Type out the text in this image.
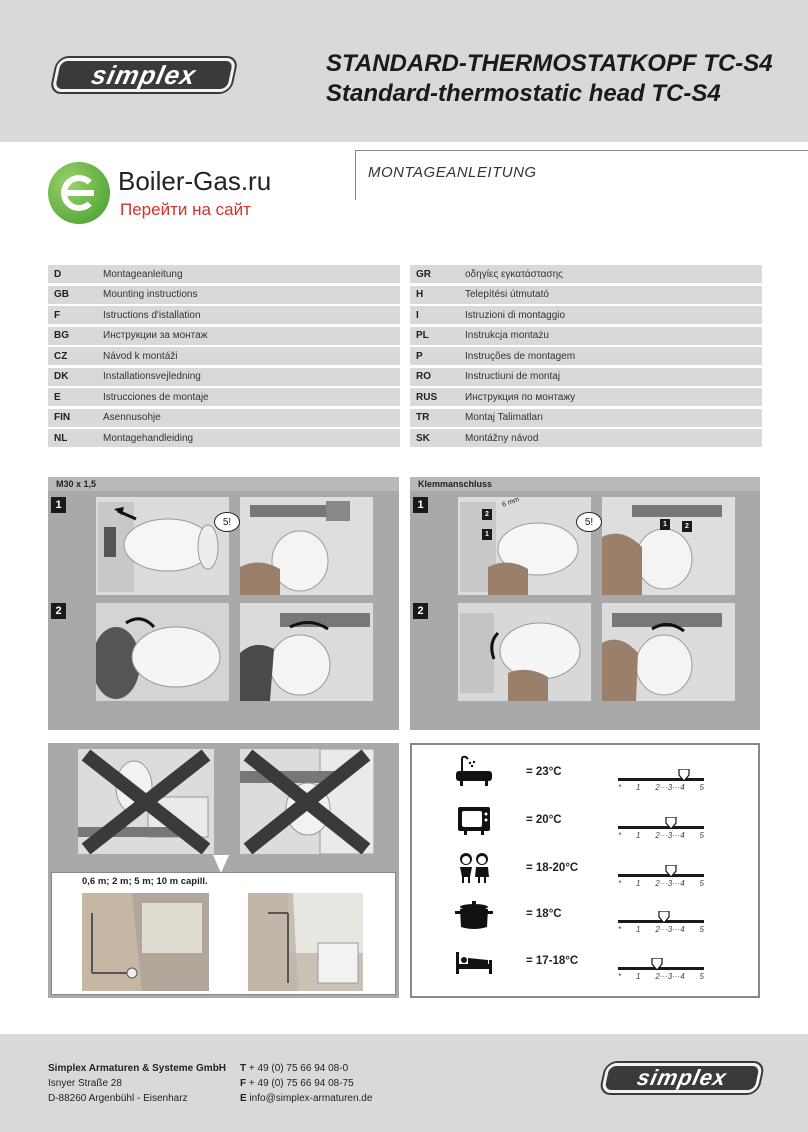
simplex	STANDARD-THERMOSTATKOPF TC-S4
Standard-thermostatic head TC-S4
MONTAGEANLEITUNG
Boiler-Gas.ru
Перейти на сайт
D	Montageanleitung
GB	Mounting instructions
F	Istructions d'istallation
BG	Инструкции за монтаж
CZ	Návod k montáži
DK	Installationsvejledning
E	Istrucciones de montaje
FIN	Asennusohje
NL	Montagehandleiding
GR	οδηγίες εγκατάστασης
H	Telepítési útmutató
I	Istruzioni di montaggio
PL	Instrukcja montażu
P	Instruções de montagem
RO	Instructiuni de montaj
RUS	Инструкция по монтажу
TR	Montaj Talimatları
SK	Montážny návod
M30 x 1,5
1
5!
2
Klemmanschluss
1
5!
6 mm
2
1
1	2
2
0,6 m; 2 m; 5 m; 10 m capill.
= 23°C
* 1 2···3···4 5
= 20°C
* 1 2···3···4 5
= 18-20°C
* 1 2···3···4 5
= 18°C
* 1 2···3···4 5
= 17-18°C
* 1 2···3···4 5
Simplex Armaturen & Systeme GmbH
Isnyer Straße 28
D-88260 Argenbühl - Eisenharz
T + 49 (0) 75 66 94 08-0
F + 49 (0) 75 66 94 08-75
E info@simplex-armaturen.de
simplex
